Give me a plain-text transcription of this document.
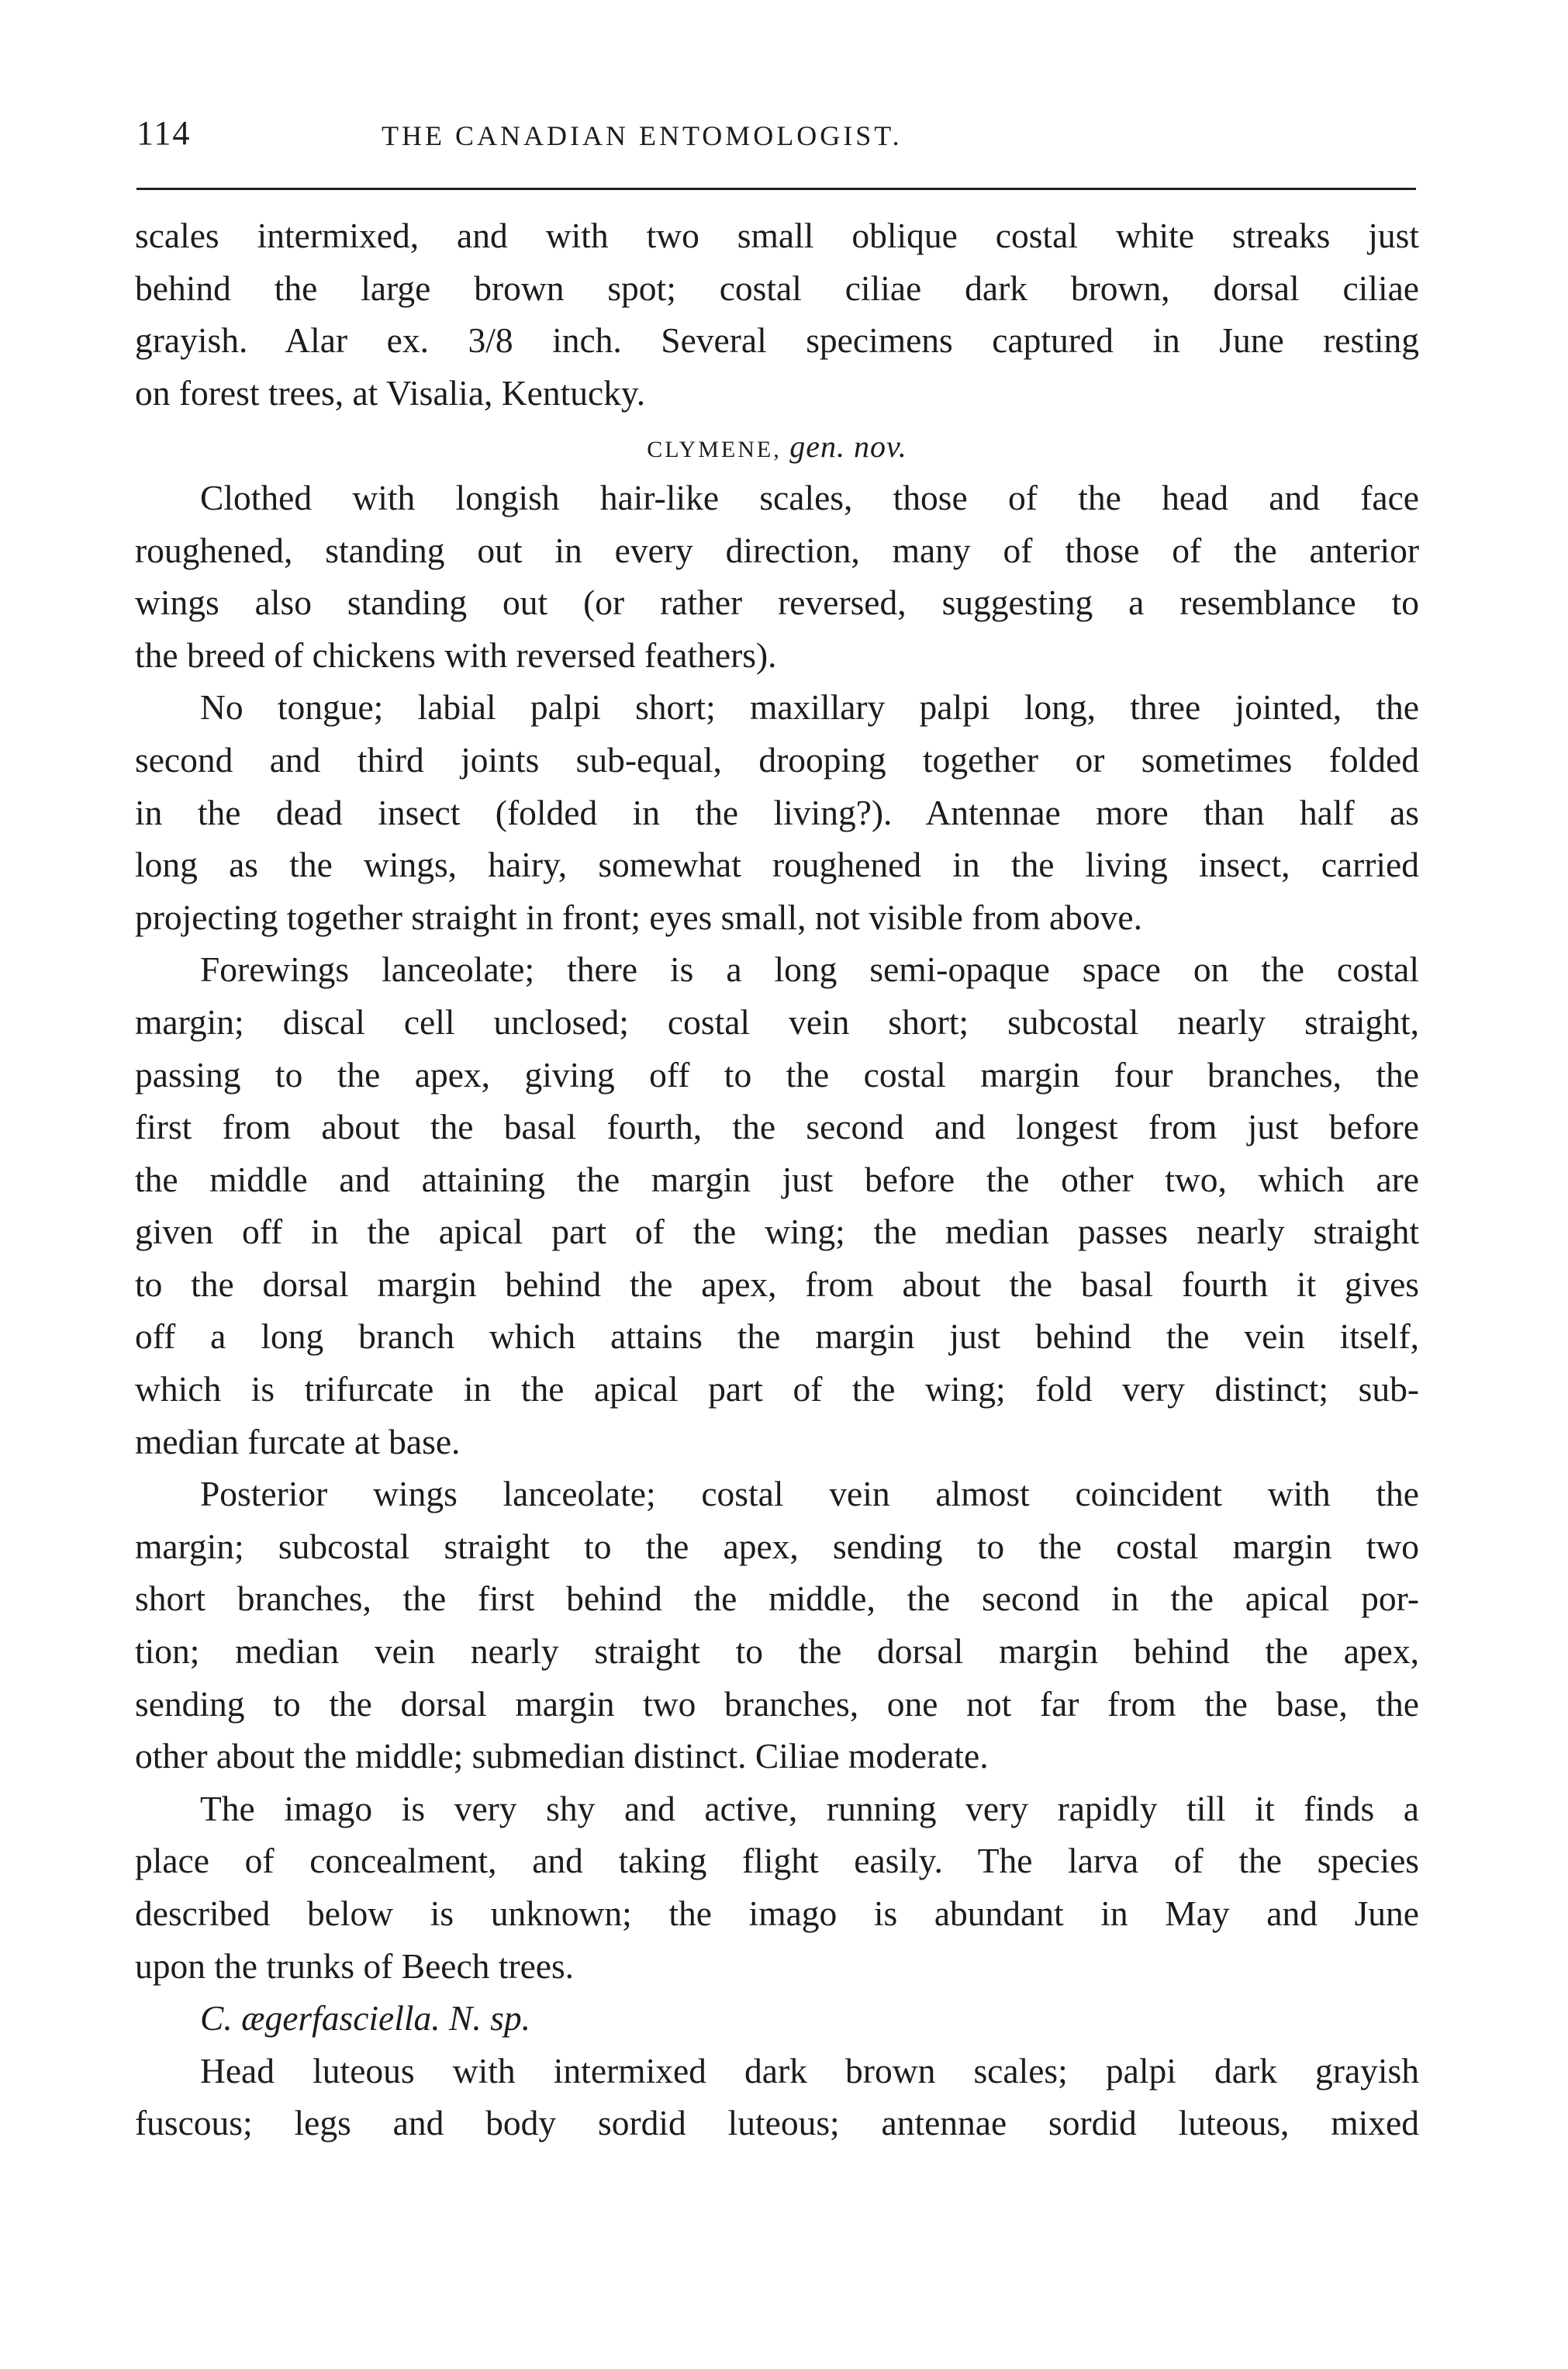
114	THE CANADIAN ENTOMOLOGIST.
scales intermixed, and with two small oblique costal white streaks just
behind the large brown spot; costal ciliae dark brown, dorsal ciliae
grayish. Alar ex. 3/8 inch. Several specimens captured in June resting
on forest trees, at Visalia, Kentucky.
CLYMENE, gen. nov.
Clothed with longish hair-like scales, those of the head and face
roughened, standing out in every direction, many of those of the anterior
wings also standing out (or rather reversed, suggesting a resemblance to
the breed of chickens with reversed feathers).
No tongue; labial palpi short; maxillary palpi long, three jointed, the
second and third joints sub-equal, drooping together or sometimes folded
in the dead insect (folded in the living?). Antennae more than half as
long as the wings, hairy, somewhat roughened in the living insect, carried
projecting together straight in front; eyes small, not visible from above.
Forewings lanceolate; there is a long semi-opaque space on the costal
margin; discal cell unclosed; costal vein short; subcostal nearly straight,
passing to the apex, giving off to the costal margin four branches, the
first from about the basal fourth, the second and longest from just before
the middle and attaining the margin just before the other two, which are
given off in the apical part of the wing; the median passes nearly straight
to the dorsal margin behind the apex, from about the basal fourth it gives
off a long branch which attains the margin just behind the vein itself,
which is trifurcate in the apical part of the wing; fold very distinct; sub-
median furcate at base.
Posterior wings lanceolate; costal vein almost coincident with the
margin; subcostal straight to the apex, sending to the costal margin two
short branches, the first behind the middle, the second in the apical por-
tion; median vein nearly straight to the dorsal margin behind the apex,
sending to the dorsal margin two branches, one not far from the base, the
other about the middle; submedian distinct. Ciliae moderate.
The imago is very shy and active, running very rapidly till it finds a
place of concealment, and taking flight easily. The larva of the species
described below is unknown; the imago is abundant in May and June
upon the trunks of Beech trees.
C. ægerfasciella. N. sp.
Head luteous with intermixed dark brown scales; palpi dark grayish
fuscous; legs and body sordid luteous; antennae sordid luteous, mixed
